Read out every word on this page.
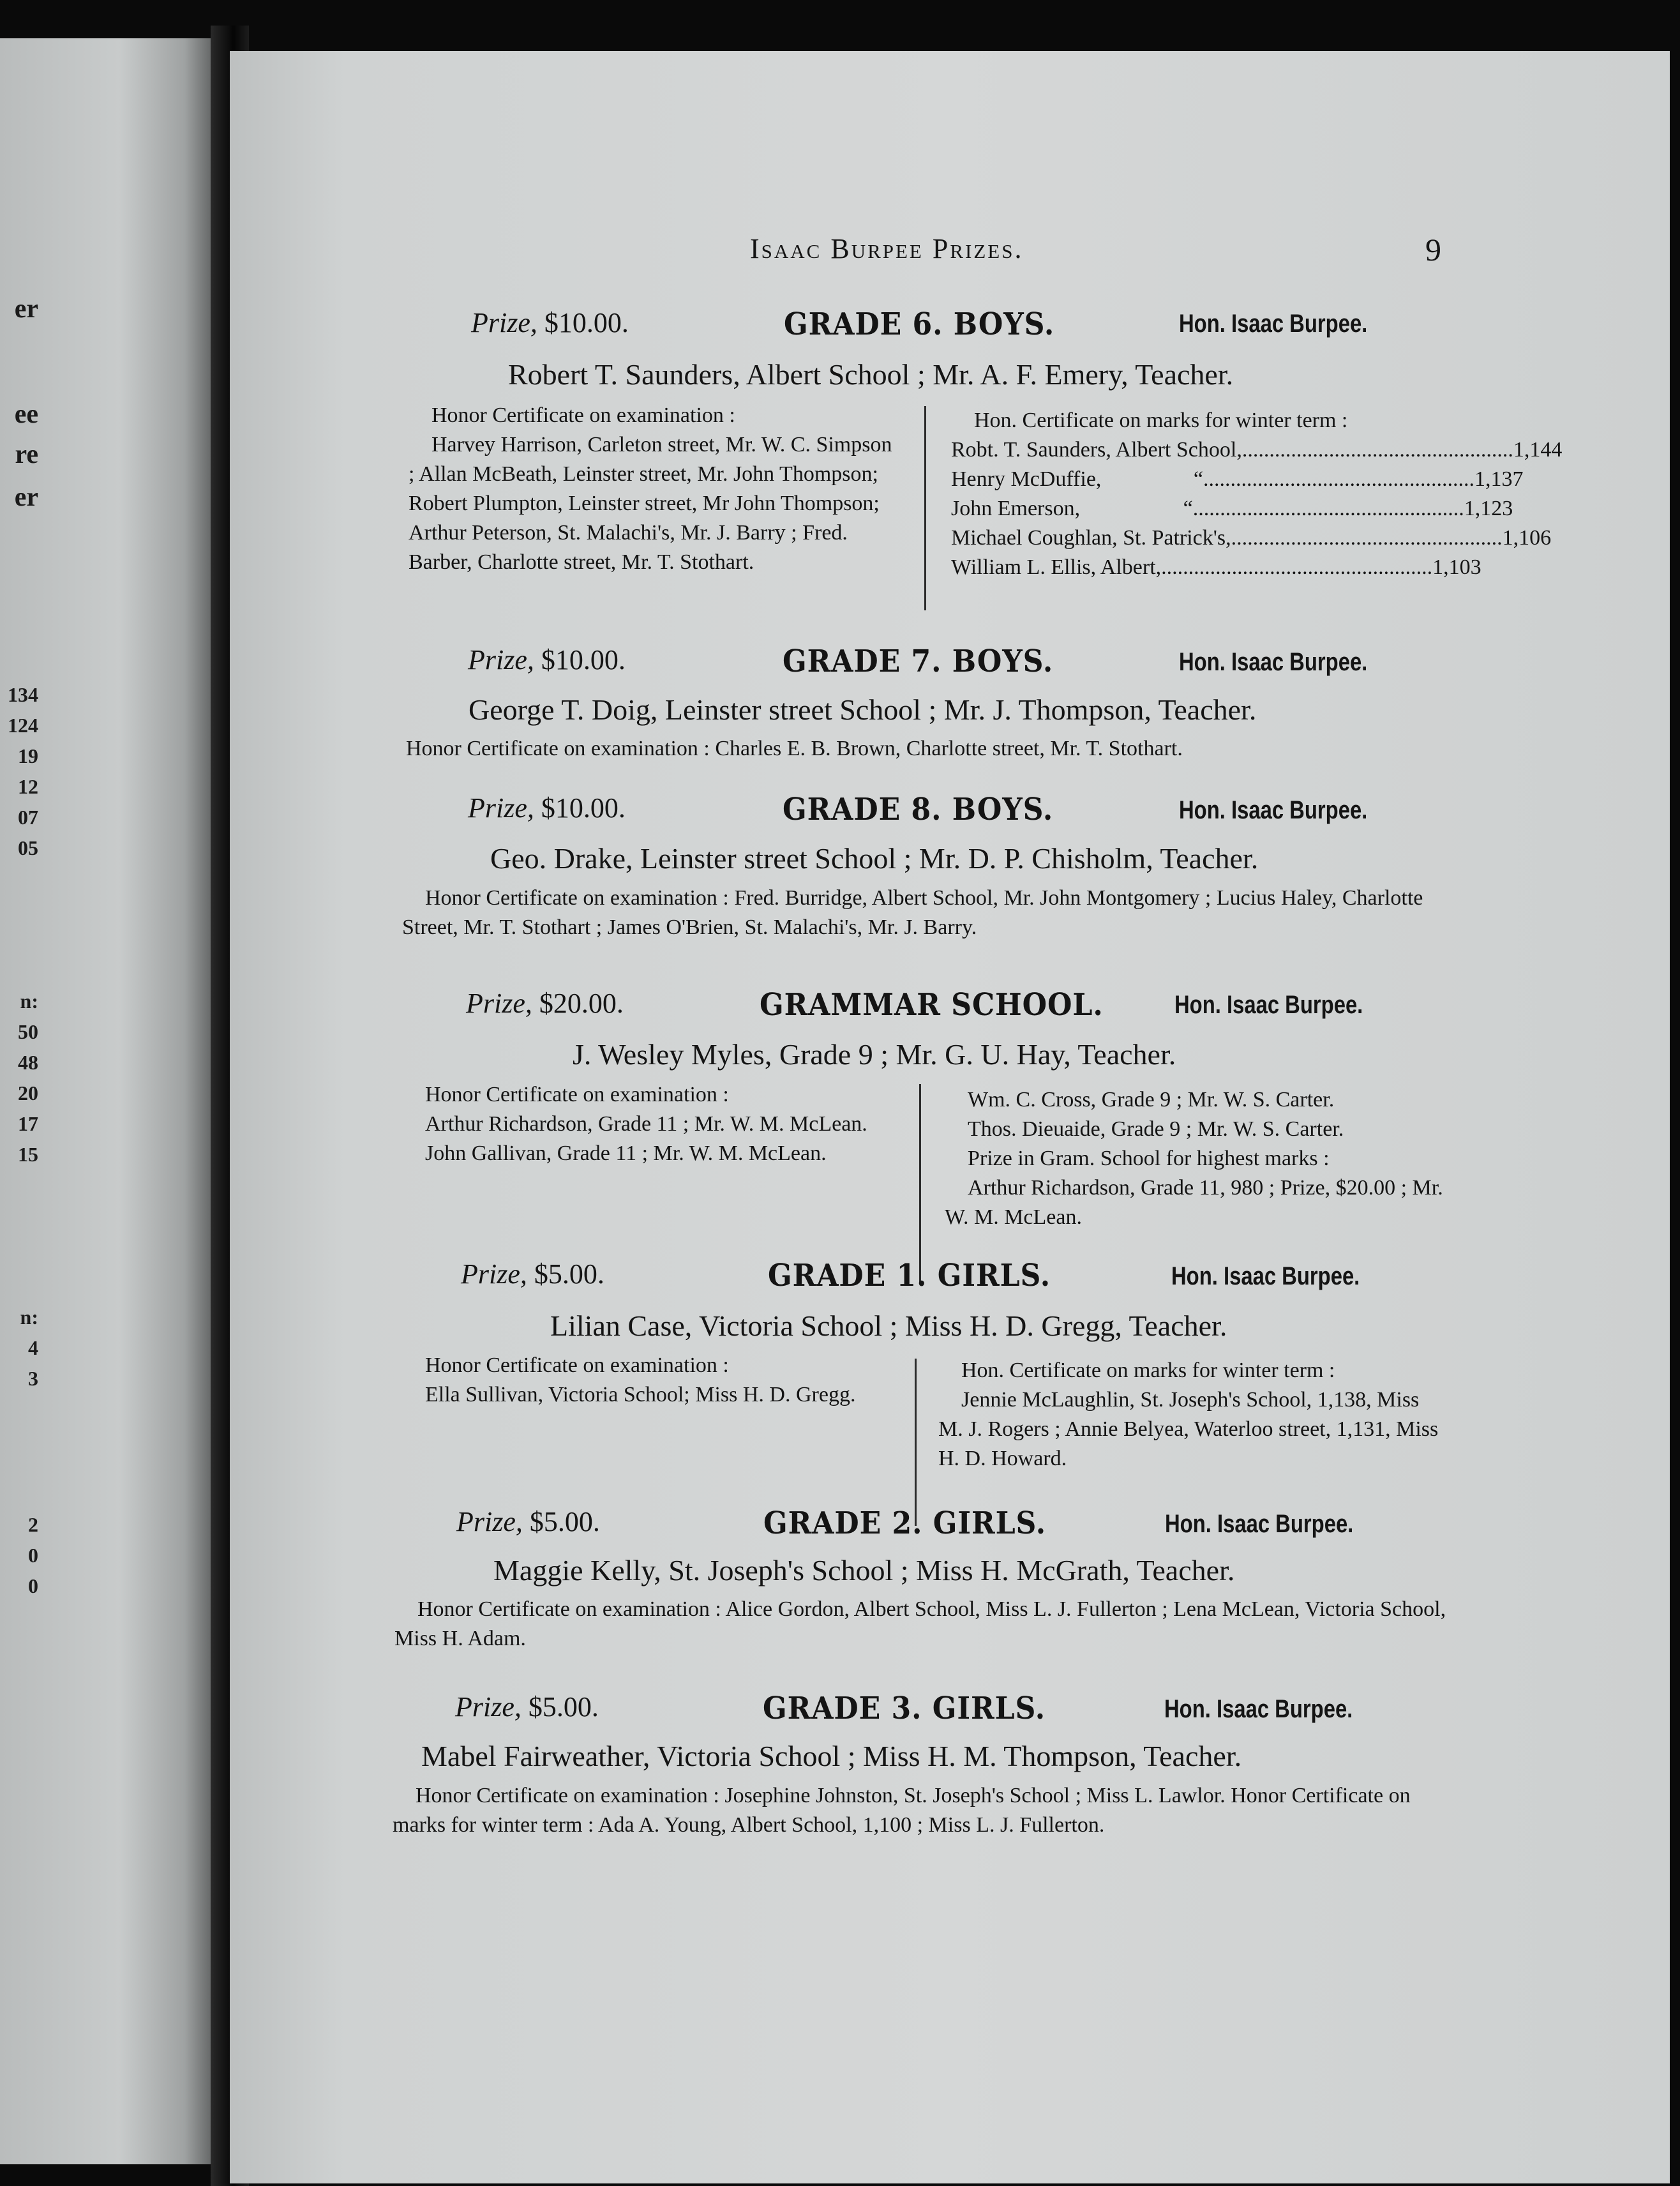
er
ee
re
er
134
124
19
12
07
05
n:
50
48
20
17
15
n:
4
3
2
0
0
Isaac Burpee Prizes.	9
Prize, $10.00.	GRADE 6. BOYS.	Hon. Isaac Burpee.
Robert T. Saunders, Albert School ; Mr. A. F. Emery, Teacher.

Honor Certificate on examination :

Harvey Harrison, Carleton street, Mr. W. C. Simpson ; Allan McBeath, Leinster street, Mr. John Thompson; Robert Plumpton, Leinster street, Mr John Thompson; Arthur Peterson, St. Malachi's, Mr. J. Barry ; Fred. Barber, Charlotte street, Mr. T. Stothart.

Hon. Certificate on marks for winter term :

Robt. T. Saunders, Albert School, .................................................. 1,144
Henry McDuffie,                 “ .................................................. 1,137
John Emerson,                   “ .................................................. 1,123
Michael Coughlan, St. Patrick's, .................................................. 1,106
William L. Ellis, Albert, .................................................. 1,103
Prize, $10.00.	GRADE 7. BOYS.	Hon. Isaac Burpee.
George T. Doig, Leinster street School ; Mr. J. Thompson, Teacher.
Honor Certificate on examination : Charles E. B. Brown, Charlotte street, Mr. T. Stothart.
Prize, $10.00.	GRADE 8. BOYS.	Hon. Isaac Burpee.
Geo. Drake, Leinster street School ; Mr. D. P. Chisholm, Teacher.

Honor Certificate on examination : Fred. Burridge, Albert School, Mr. John Montgomery ; Lucius Haley, Charlotte Street, Mr. T. Stothart ; James O'Brien, St. Malachi's, Mr. J. Barry.

Prize, $20.00.	GRAMMAR SCHOOL.	Hon. Isaac Burpee.
J. Wesley Myles, Grade 9 ; Mr. G. U. Hay, Teacher.

Honor Certificate on examination :

Arthur Richardson, Grade 11 ; Mr. W. M. McLean.

John Gallivan, Grade 11 ; Mr. W. M. McLean.

Wm. C. Cross, Grade 9 ; Mr. W. S. Carter.

Thos. Dieuaide, Grade 9 ; Mr. W. S. Carter.

Prize in Gram. School for highest marks :

Arthur Richardson, Grade 11, 980 ; Prize, $20.00 ; Mr. W. M. McLean.

Prize, $5.00.	GRADE 1. GIRLS.	Hon. Isaac Burpee.
Lilian Case, Victoria School ; Miss H. D. Gregg, Teacher.

Honor Certificate on examination :

Ella Sullivan, Victoria School; Miss H. D. Gregg.

Hon. Certificate on marks for winter term :

Jennie McLaughlin, St. Joseph's School, 1,138, Miss M. J. Rogers ; Annie Belyea, Waterloo street, 1,131, Miss H. D. Howard.

Prize, $5.00.	GRADE 2. GIRLS.	Hon. Isaac Burpee.
Maggie Kelly, St. Joseph's School ; Miss H. McGrath, Teacher.

Honor Certificate on examination : Alice Gordon, Albert School, Miss L. J. Fullerton ; Lena McLean, Victoria School, Miss H. Adam.

Prize, $5.00.	GRADE 3. GIRLS.	Hon. Isaac Burpee.
Mabel Fairweather, Victoria School ; Miss H. M. Thompson, Teacher.

Honor Certificate on examination : Josephine Johnston, St. Joseph's School ; Miss L. Lawlor. Honor Certificate on marks for winter term : Ada A. Young, Albert School, 1,100 ; Miss L. J. Fullerton.
